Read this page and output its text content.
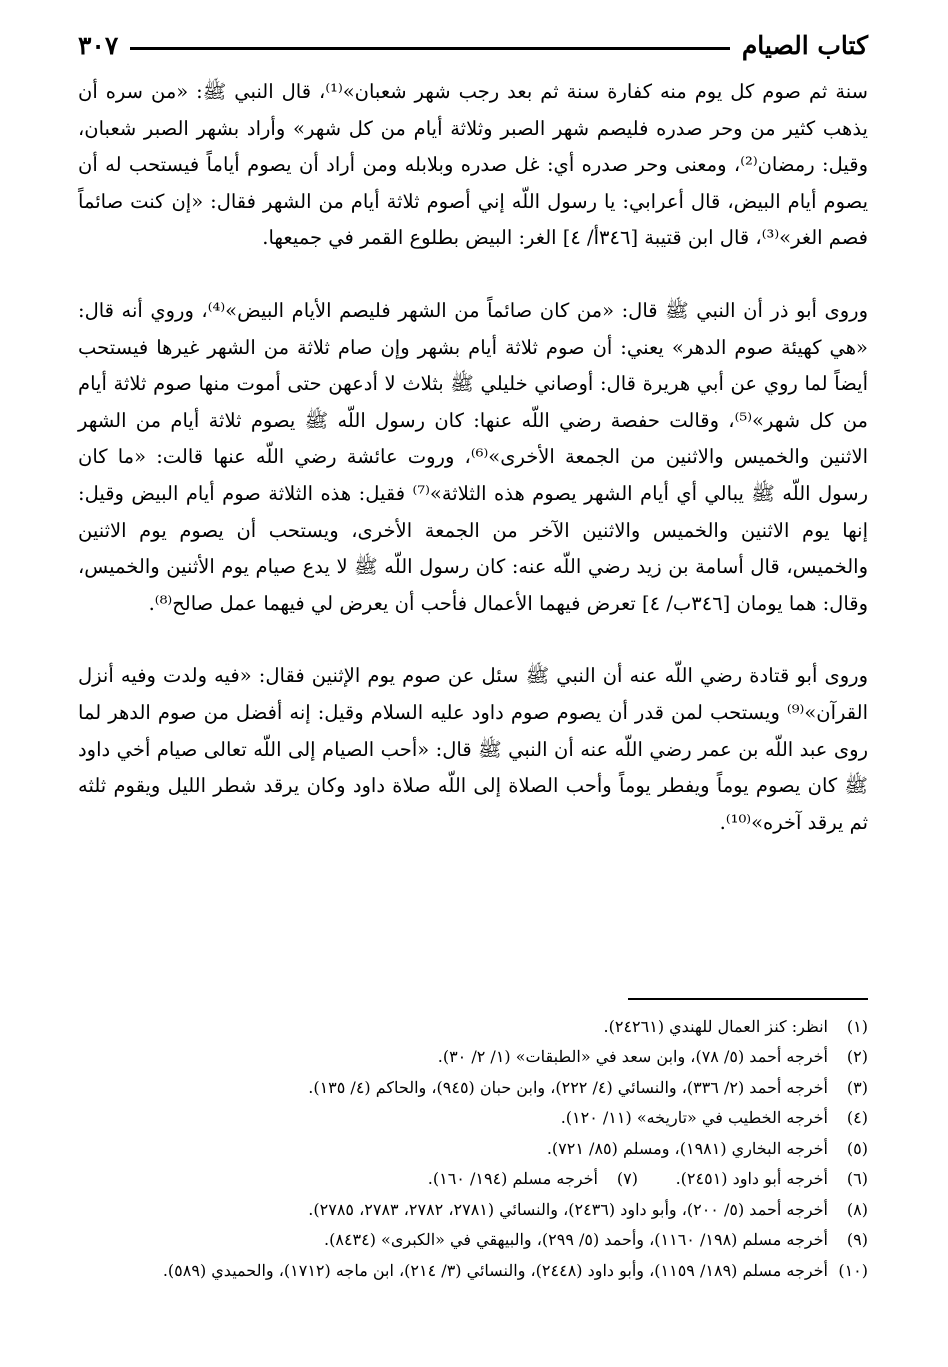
كتاب الصيام
٣٠٧

سنة ثم صوم كل يوم منه كفارة سنة ثم بعد رجب شهر شعبان»⁽¹⁾، قال النبي ﷺ: «من سره أن يذهب كثير من وحر صدره فليصم شهر الصبر وثلاثة أيام من كل شهر» وأراد بشهر الصبر شعبان، وقيل: رمضان⁽²⁾، ومعنى وحر صدره أي: غل صدره وبلابله ومن أراد أن يصوم أياماً فيستحب له أن يصوم أيام البيض، قال أعرابي: يا رسول اللّه إني أصوم ثلاثة أيام من الشهر فقال: «إن كنت صائماً فصم الغر»⁽³⁾، قال ابن قتيبة [٣٤٦أ/ ٤] الغر: البيض بطلوع القمر في جميعها.

وروى أبو ذر أن النبي ﷺ قال: «من كان صائماً من الشهر فليصم الأيام البيض»⁽⁴⁾، وروي أنه قال: «هي كهيئة صوم الدهر» يعني: أن صوم ثلاثة أيام بشهر وإن صام ثلاثة من الشهر غيرها فيستحب أيضاً لما روي عن أبي هريرة قال: أوصاني خليلي ﷺ بثلاث لا أدعهن حتى أموت منها صوم ثلاثة أيام من كل شهر»⁽⁵⁾، وقالت حفصة رضي اللّه عنها: كان رسول اللّه ﷺ يصوم ثلاثة أيام من الشهر الاثنين والخميس والاثنين من الجمعة الأخرى»⁽⁶⁾، وروت عائشة رضي اللّه عنها قالت: «ما كان رسول اللّه ﷺ يبالي أي أيام الشهر يصوم هذه الثلاثة»⁽⁷⁾ فقيل: هذه الثلاثة صوم أيام البيض وقيل: إنها يوم الاثنين والخميس والاثنين الآخر من الجمعة الأخرى، ويستحب أن يصوم يوم الاثنين والخميس، قال أسامة بن زيد رضي اللّه عنه: كان رسول اللّه ﷺ لا يدع صيام يوم الأثنين والخميس، وقال: هما يومان [٣٤٦ب/ ٤] تعرض فيهما الأعمال فأحب أن يعرض لي فيهما عمل صالح⁽⁸⁾.

وروى أبو قتادة رضي اللّه عنه أن النبي ﷺ سئل عن صوم يوم الإثنين فقال: «فيه ولدت وفيه أنزل القرآن»⁽⁹⁾ ويستحب لمن قدر أن يصوم صوم داود عليه السلام وقيل: إنه أفضل من صوم الدهر لما روى عبد اللّه بن عمر رضي اللّه عنه أن النبي ﷺ قال: «أحب الصيام إلى اللّه تعالى صيام أخي داود ﷺ كان يصوم يوماً ويفطر يوماً وأحب الصلاة إلى اللّه صلاة داود وكان يرقد شطر الليل ويقوم ثلثه ثم يرقد آخره»⁽¹⁰⁾.

(١)
انظر: كنز العمال للهندي (٢٤٢٦١).
(٢)
أخرجه أحمد (٥/ ٧٨)، وابن سعد في «الطبقات» (١/ ٢/ ٣٠).
(٣)
أخرجه أحمد (٢/ ٣٣٦)، والنسائي (٤/ ٢٢٢)، وابن حبان (٩٤٥)، والحاكم (٤/ ١٣٥).
(٤)
أخرجه الخطيب في «تاريخه» (١١/ ١٢٠).
(٥)
أخرجه البخاري (١٩٨١)، ومسلم (٨٥/ ٧٢١).
(٦)
أخرجه أبو داود (٢٤٥١).
(٧)
أخرجه مسلم (١٩٤/ ١٦٠).
(٨)
أخرجه أحمد (٥/ ٢٠٠)، وأبو داود (٢٤٣٦)، والنسائي (٢٧٨١، ٢٧٨٢، ٢٧٨٣، ٢٧٨٥).
(٩)
أخرجه مسلم (١٩٨/ ١١٦٠)، وأحمد (٥/ ٢٩٩)، والبيهقي في «الكبرى» (٨٤٣٤).
(١٠)
أخرجه مسلم (١٨٩/ ١١٥٩)، وأبو داود (٢٤٤٨)، والنسائي (٣/ ٢١٤)، ابن ماجه (١٧١٢)، والحميدي (٥٨٩).
